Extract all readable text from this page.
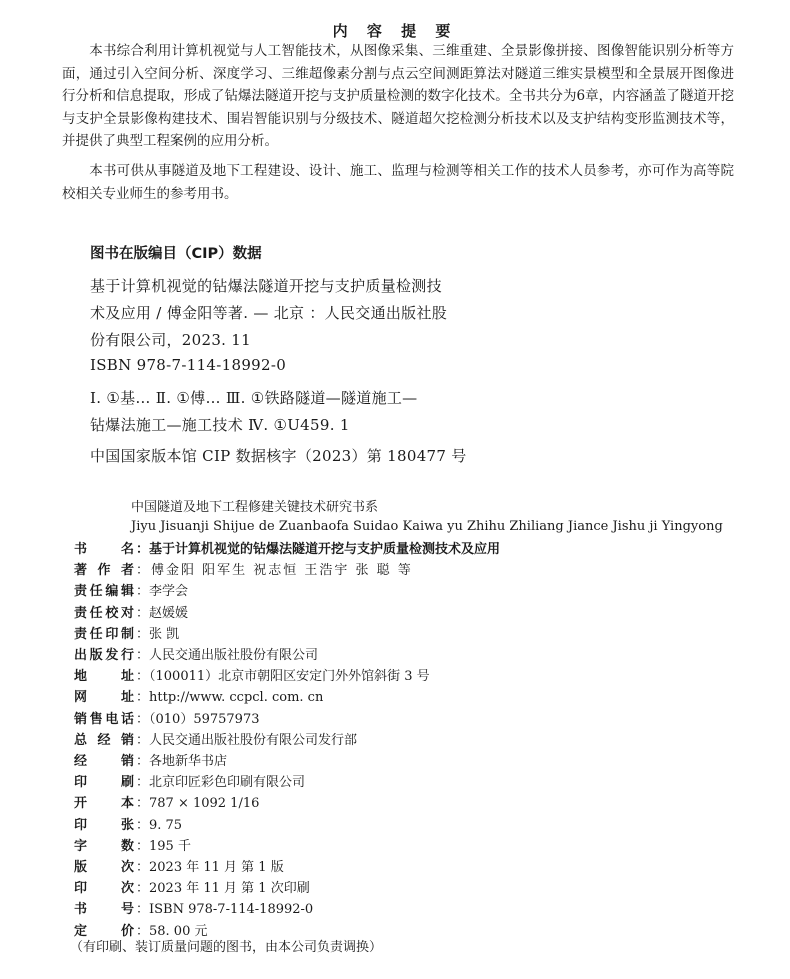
内 容 提 要

本书综合利用计算机视觉与人工智能技术，从图像采集、三维重建、全景影像拼接、图像智能识别分析等方面，通过引入空间分析、深度学习、三维超像素分割与点云空间测距算法对隧道三维实景模型和全景展开图像进行分析和信息提取，形成了钻爆法隧道开挖与支护质量检测的数字化技术。全书共分为6章，内容涵盖了隧道开挖与支护全景影像构建技术、围岩智能识别与分级技术、隧道超欠挖检测分析技术以及支护结构变形监测技术等，并提供了典型工程案例的应用分析。

本书可供从事隧道及地下工程建设、设计、施工、监理与检测等相关工作的技术人员参考，亦可作为高等院校相关专业师生的参考用书。

图书在版编目（CIP）数据
基于计算机视觉的钻爆法隧道开挖与支护质量检测技
术及应用 / 傅金阳等著. — 北京 ：人民交通出版社股
份有限公司，2023. 11
ISBN 978-7-114-18992-0
Ⅰ. ①基… Ⅱ. ①傅… Ⅲ. ①铁路隧道—隧道施工—
钻爆法施工—施工技术 Ⅳ. ①U459. 1
中国国家版本馆 CIP 数据核字（2023）第 180477 号
中国隧道及地下工程修建关键技术研究书系
Jiyu Jisuanji Shijue de Zuanbaofa Suidao Kaiwa yu Zhihu Zhiliang Jiance Jishu ji Yingyong
书	名 ：基于计算机视觉的钻爆法隧道开挖与支护质量检测技术及应用
著 作 者 ：傅金阳 阳军生 祝志恒 王浩宇 张 聪 等
责 任 编 辑 ：李学会
责 任 校 对 ：赵媛媛
责 任 印 制 ：张 凯
出 版 发 行 ：人民交通出版社股份有限公司
地	址 ：（100011）北京市朝阳区安定门外外馆斜街 3 号
网	址 ：http://www. ccpcl. com. cn
销 售 电 话 ：（010）59757973
总 经 销 ：人民交通出版社股份有限公司发行部
经	销 ：各地新华书店
印	刷 ：北京印匠彩色印刷有限公司
开	本 ：787 × 1092 1/16
印	张 ：9. 75
字	数 ：195 千
版	次 ：2023 年 11 月 第 1 版
印	次 ：2023 年 11 月 第 1 次印刷
书	号 ：ISBN 978-7-114-18992-0
定	价 ：58. 00 元
（有印刷、装订质量问题的图书，由本公司负责调换）
